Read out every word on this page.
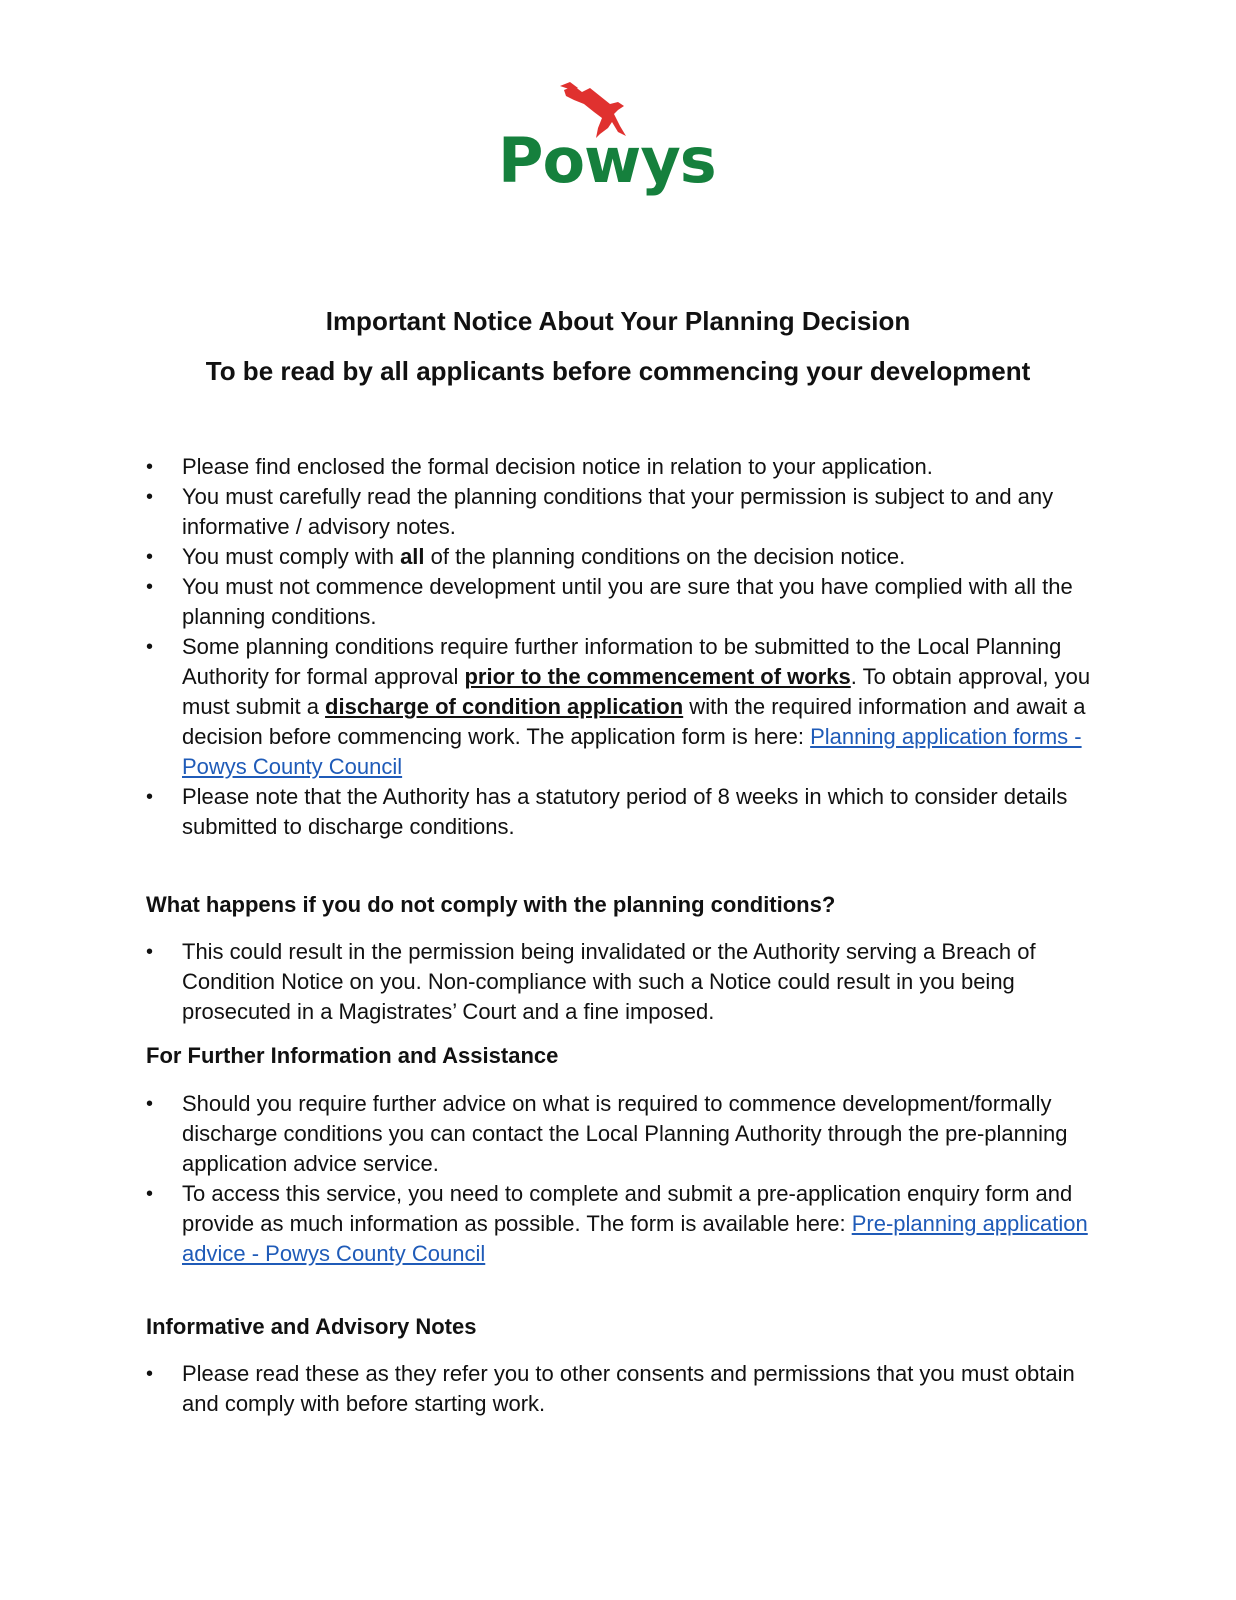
Powys
Important Notice About Your Planning Decision
To be read by all applicants before commencing your development
• Please find enclosed the formal decision notice in relation to your application.
• You must carefully read the planning conditions that your permission is subject to and any informative / advisory notes.
• You must comply with all of the planning conditions on the decision notice.
• You must not commence development until you are sure that you have complied with all the planning conditions.
• Some planning conditions require further information to be submitted to the Local Planning Authority for formal approval prior to the commencement of works. To obtain approval, you must submit a discharge of condition application with the required information and await a decision before commencing work. The application form is here: Planning application forms - Powys County Council
• Please note that the Authority has a statutory period of 8 weeks in which to consider details submitted to discharge conditions.
What happens if you do not comply with the planning conditions?
• This could result in the permission being invalidated or the Authority serving a Breach of Condition Notice on you. Non-compliance with such a Notice could result in you being prosecuted in a Magistrates’ Court and a fine imposed.
For Further Information and Assistance
• Should you require further advice on what is required to commence development/formally discharge conditions you can contact the Local Planning Authority through the pre-planning application advice service.
• To access this service, you need to complete and submit a pre-application enquiry form and provide as much information as possible. The form is available here: Pre-planning application advice - Powys County Council
Informative and Advisory Notes
• Please read these as they refer you to other consents and permissions that you must obtain and comply with before starting work.
